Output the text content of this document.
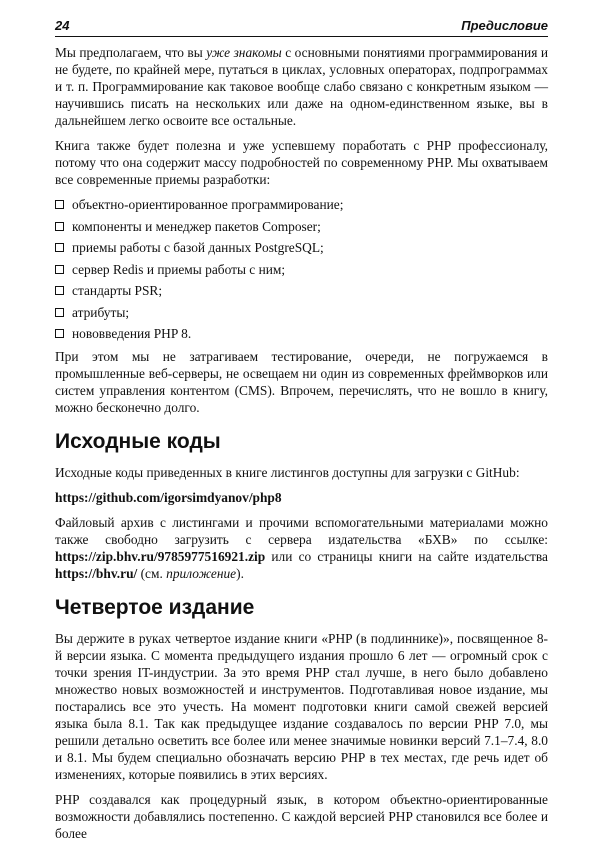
24	Предисловие

Мы предполагаем, что вы уже знакомы с основными понятиями программирования и не будете, по крайней мере, путаться в циклах, условных операторах, подпрограммах и т. п. Программирование как таковое вообще слабо связано с конкретным языком — научившись писать на нескольких или даже на одном-единственном языке, вы в дальнейшем легко освоите все остальные.

Книга также будет полезна и уже успевшему поработать с PHP профессионалу, потому что она содержит массу подробностей по современному PHP. Мы охватываем все современные приемы разработки:

объектно-ориентированное программирование;
компоненты и менеджер пакетов Composer;
приемы работы с базой данных PostgreSQL;
сервер Redis и приемы работы с ним;
стандарты PSR;
атрибуты;
нововведения PHP 8.

При этом мы не затрагиваем тестирование, очереди, не погружаемся в промышленные веб-серверы, не освещаем ни один из современных фреймворков или систем управления контентом (CMS). Впрочем, перечислять, что не вошло в книгу, можно бесконечно долго.

Исходные коды

Исходные коды приведенных в книге листингов доступны для загрузки с GitHub:

https://github.com/igorsimdyanov/php8

Файловый архив с листингами и прочими вспомогательными материалами можно также свободно загрузить с сервера издательства «БХВ» по ссылке: https://zip.bhv.ru/9785977516921.zip или со страницы книги на сайте издательства https://bhv.ru/ (см. приложение).

Четвертое издание

Вы держите в руках четвертое издание книги «PHP (в подлиннике)», посвященное 8-й версии языка. С момента предыдущего издания прошло 6 лет — огромный срок с точки зрения IT-индустрии. За это время PHP стал лучше, в него было добавлено множество новых возможностей и инструментов. Подготавливая новое издание, мы постарались все это учесть. На момент подготовки книги самой свежей версией языка была 8.1. Так как предыдущее издание создавалось по версии PHP 7.0, мы решили детально осветить все более или менее значимые новинки версий 7.1–7.4, 8.0 и 8.1. Мы будем специально обозначать версию PHP в тех местах, где речь идет об изменениях, которые появились в этих версиях.

PHP создавался как процедурный язык, в котором объектно-ориентированные возможности добавлялись постепенно. С каждой версией PHP становился все более и более
